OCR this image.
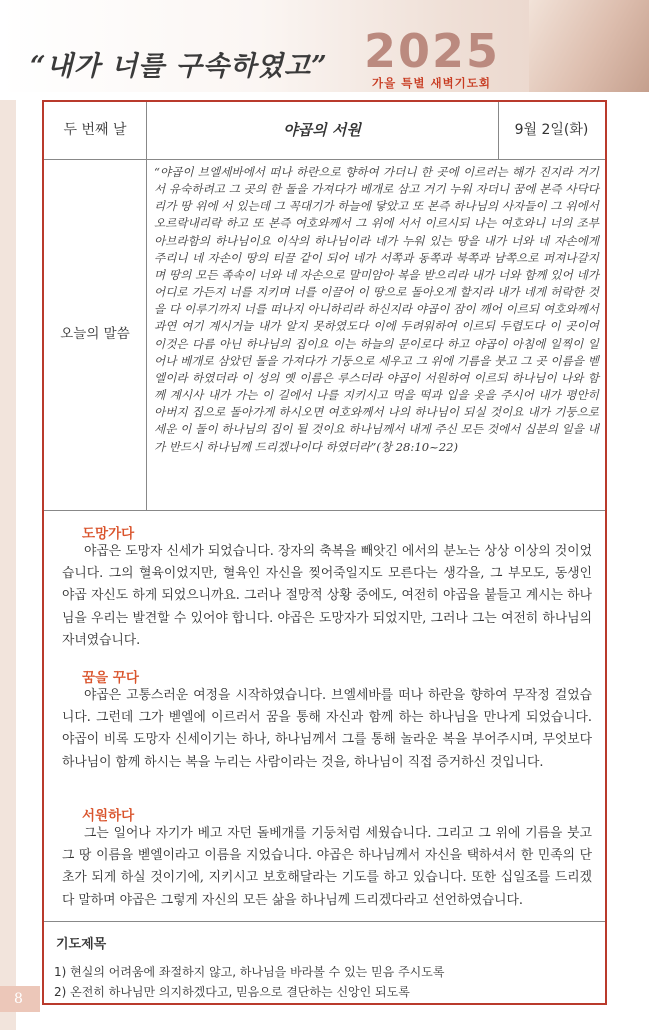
“내가 너를 구속하였고” 2025
가을 특별 새벽기도회
8
두 번째 날	야곱의 서원	9월 2일(화)
오늘의 말씀

“야곱이 브엘세바에서 떠나 하란으로 향하여 가더니 한 곳에 이르러는 해가 진지라 거기서 유숙하려고 그 곳의 한 돌을 가져다가 베개로 삼고 거기 누워 자더니 꿈에 본즉 사닥다리가 땅 위에 서 있는데 그 꼭대기가 하늘에 닿았고 또 본즉 하나님의 사자들이 그 위에서 오르락내리락 하고 또 본즉 여호와께서 그 위에 서서 이르시되 나는 여호와니 너의 조부 아브라함의 하나님이요 이삭의 하나님이라 네가 누워 있는 땅을 내가 너와 네 자손에게 주리니 네 자손이 땅의 티끌 같이 되어 네가 서쪽과 동쪽과 북쪽과 남쪽으로 퍼져나갈지며 땅의 모든 족속이 너와 네 자손으로 말미암아 복을 받으리라 내가 너와 함께 있어 네가 어디로 가든지 너를 지키며 너를 이끌어 이 땅으로 돌아오게 할지라 내가 네게 허락한 것을 다 이루기까지 너를 떠나지 아니하리라 하신지라 야곱이 잠이 깨어 이르되 여호와께서 과연 여기 계시거늘 내가 알지 못하였도다 이에 두려워하여 이르되 두렵도다 이 곳이여 이것은 다름 아닌 하나님의 집이요 이는 하늘의 문이로다 하고 야곱이 아침에 일찍이 일어나 베개로 삼았던 돌을 가져다가 기둥으로 세우고 그 위에 기름을 붓고 그 곳 이름을 벧엘이라 하였더라 이 성의 옛 이름은 루스더라 야곱이 서원하여 이르되 하나님이 나와 함께 계시사 내가 가는 이 길에서 나를 지키시고 먹을 떡과 입을 옷을 주시어 내가 평안히 아버지 집으로 돌아가게 하시오면 여호와께서 나의 하나님이 되실 것이요 내가 기둥으로 세운 이 돌이 하나님의 집이 될 것이요 하나님께서 내게 주신 모든 것에서 십분의 일을 내가 반드시 하나님께 드리겠나이다 하였더라”(창 28:10~22)

도망가다

야곱은 도망자 신세가 되었습니다. 장자의 축복을 빼앗긴 에서의 분노는 상상 이상의 것이었습니다. 그의 혈육이었지만, 혈육인 자신을 찢어죽일지도 모른다는 생각을, 그 부모도, 동생인 야곱 자신도 하게 되었으니까요. 그러나 절망적 상황 중에도, 여전히 야곱을 붙들고 계시는 하나님을 우리는 발견할 수 있어야 합니다. 야곱은 도망자가 되었지만, 그러나 그는 여전히 하나님의 자녀였습니다.

꿈을 꾸다

야곱은 고통스러운 여정을 시작하였습니다. 브엘세바를 떠나 하란을 향하여 무작정 걸었습니다. 그런데 그가 벧엘에 이르러서 꿈을 통해 자신과 함께 하는 하나님을 만나게 되었습니다. 야곱이 비록 도망자 신세이기는 하나, 하나님께서 그를 통해 놀라운 복을 부어주시며, 무엇보다 하나님이 함께 하시는 복을 누리는 사람이라는 것을, 하나님이 직접 증거하신 것입니다.

서원하다

그는 일어나 자기가 베고 자던 돌베개를 기둥처럼 세웠습니다. 그리고 그 위에 기름을 붓고 그 땅 이름을 벧엘이라고 이름을 지었습니다. 야곱은 하나님께서 자신을 택하셔서 한 민족의 단초가 되게 하실 것이기에, 지키시고 보호해달라는 기도를 하고 있습니다. 또한 십일조를 드리겠다 말하며 야곱은 그렇게 자신의 모든 삶을 하나님께 드리겠다라고 선언하였습니다.

기도제목

1) 현실의 어려움에 좌절하지 않고, 하나님을 바라볼 수 있는 믿음 주시도록

2) 온전히 하나님만 의지하겠다고, 믿음으로 결단하는 신앙인 되도록
